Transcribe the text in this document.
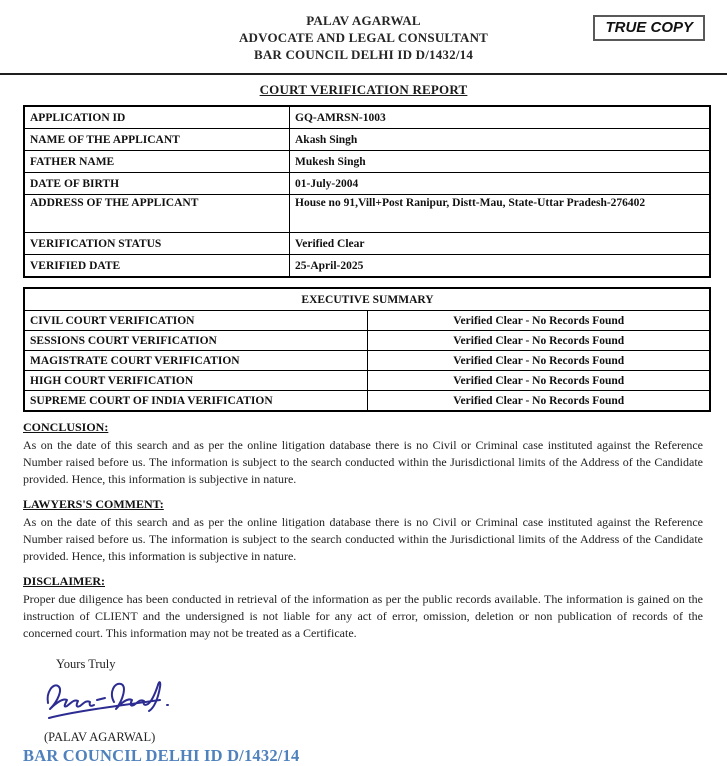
PALAV AGARWAL
ADVOCATE AND LEGAL CONSULTANT
BAR COUNCIL DELHI ID D/1432/14
TRUE COPY
COURT VERIFICATION REPORT
APPLICATION ID	GQ-AMRSN-1003
NAME OF THE APPLICANT	Akash Singh
FATHER NAME	Mukesh Singh
DATE OF BIRTH	01-July-2004
ADDRESS OF THE APPLICANT	House no 91,Vill+Post Ranipur, Distt-Mau, State-Uttar Pradesh-276402
VERIFICATION STATUS	Verified Clear
VERIFIED DATE	25-April-2025
EXECUTIVE SUMMARY	
CIVIL COURT VERIFICATION	Verified Clear - No Records Found
SESSIONS COURT VERIFICATION	Verified Clear - No Records Found
MAGISTRATE COURT VERIFICATION	Verified Clear - No Records Found
HIGH COURT VERIFICATION	Verified Clear - No Records Found
SUPREME COURT OF INDIA VERIFICATION	Verified Clear - No Records Found
CONCLUSION:

As on the date of this search and as per the online litigation database there is no Civil or Criminal case instituted against the Reference Number raised before us. The information is subject to the search conducted within the Jurisdictional limits of the Address of the Candidate provided. Hence, this information is subjective in nature.

LAWYERS'S COMMENT:

As on the date of this search and as per the online litigation database there is no Civil or Criminal case instituted against the Reference Number raised before us. The information is subject to the search conducted within the Jurisdictional limits of the Address of the Candidate provided. Hence, this information is subjective in nature.

DISCLAIMER:

Proper due diligence has been conducted in retrieval of the information as per the public records available. The information is gained on the instruction of CLIENT and the undersigned is not liable for any act of error, omission, deletion or non publication of records of the concerned court. This information may not be treated as a Certificate.

Yours Truly
(PALAV AGARWAL)
BAR COUNCIL DELHI ID D/1432/14
